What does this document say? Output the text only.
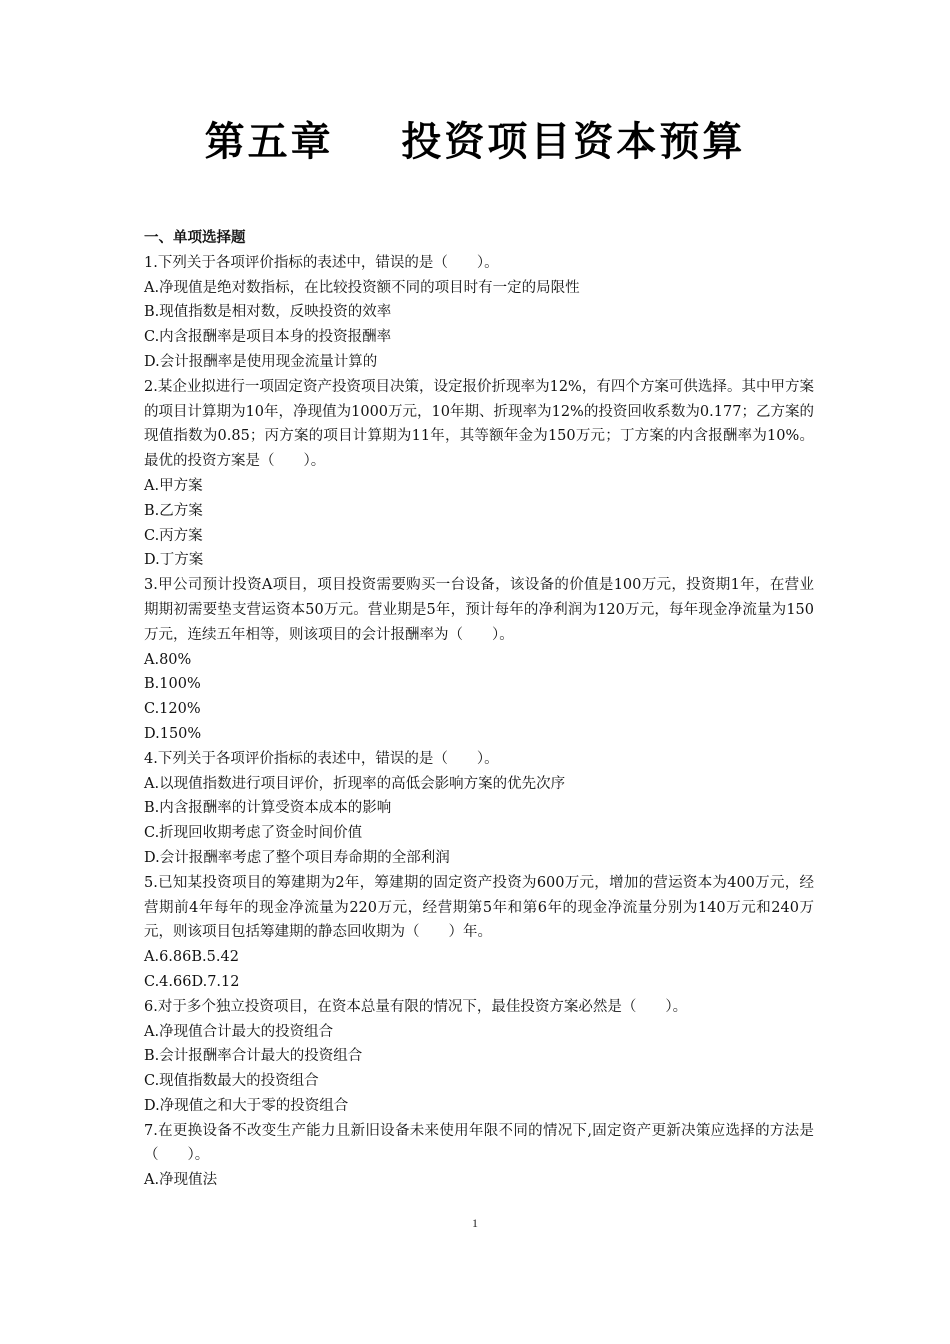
第五章    投资项目资本预算
一、单项选择题
1.下列关于各项评价指标的表述中，错误的是（　　）。
A.净现值是绝对数指标，在比较投资额不同的项目时有一定的局限性
B.现值指数是相对数，反映投资的效率
C.内含报酬率是项目本身的投资报酬率
D.会计报酬率是使用现金流量计算的
2.某企业拟进行一项固定资产投资项目决策，设定报价折现率为12%，有四个方案可供选择。其中甲方案的项目计算期为10年，净现值为1000万元，10年期、折现率为12%的投资回收系数为0.177；乙方案的现值指数为0.85；丙方案的项目计算期为11年，其等额年金为150万元；丁方案的内含报酬率为10%。最优的投资方案是（　　）。
A.甲方案
B.乙方案
C.丙方案
D.丁方案
3.甲公司预计投资A项目，项目投资需要购买一台设备，该设备的价值是100万元，投资期1年，在营业期期初需要垫支营运资本50万元。营业期是5年，预计每年的净利润为120万元，每年现金净流量为150万元，连续五年相等，则该项目的会计报酬率为（　　）。
A.80%
B.100%
C.120%
D.150%
4.下列关于各项评价指标的表述中，错误的是（　　）。
A.以现值指数进行项目评价，折现率的高低会影响方案的优先次序
B.内含报酬率的计算受资本成本的影响
C.折现回收期考虑了资金时间价值
D.会计报酬率考虑了整个项目寿命期的全部利润
5.已知某投资项目的筹建期为2年，筹建期的固定资产投资为600万元，增加的营运资本为400万元，经营期前4年每年的现金净流量为220万元，经营期第5年和第6年的现金净流量分别为140万元和240万元，则该项目包括筹建期的静态回收期为（　　）年。
A.6.86B.5.42
C.4.66D.7.12
6.对于多个独立投资项目，在资本总量有限的情况下，最佳投资方案必然是（　　）。
A.净现值合计最大的投资组合
B.会计报酬率合计最大的投资组合
C.现值指数最大的投资组合
D.净现值之和大于零的投资组合
7.在更换设备不改变生产能力且新旧设备未来使用年限不同的情况下,固定资产更新决策应选择的方法是（　　）。
A.净现值法
1
